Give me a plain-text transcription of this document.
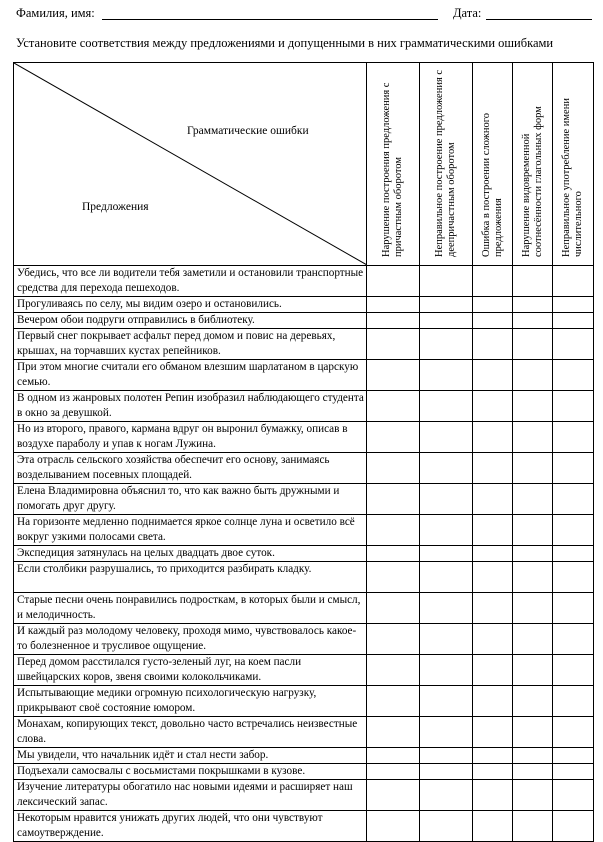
Фамилия, имя:	Дата:
Установите соответствия между предложениями и допущенными в них грамматическими ошибками
Грамматические ошибки
Предложения	Нарушение построения предложения с причастным оборотом	Неправильное построение предложения с деепричастным оборотом	Ошибка в построении сложного предложения	Нарушение видовременной соотнесённости глагольных форм	Неправильное употребление имени числительного

Убедись, что все ли водители тебя заметили и остановили транспортные средства для перехода пешеходов.					
Прогуливаясь по селу, мы видим озеро и остановились.					
Вечером обои подруги отправились в библиотеку.					
Первый снег покрывает асфальт перед домом и повис на деревьях, крышах, на торчавших кустах репейников.					
При этом многие считали его обманом влезшим шарлатаном в царскую семью.					
В одном из жанровых полотен Репин изобразил наблюдающего студента в окно за девушкой.					
Но из второго, правого, кармана вдруг он выронил бумажку, описав в воздухе параболу и упав к ногам Лужина.					
Эта отрасль сельского хозяйства обеспечит его основу, занимаясь возделыванием посевных площадей.					
Елена Владимировна объяснил то, что как важно быть дружными и помогать друг другу.					
На горизонте медленно поднимается яркое солнце луна и осветило всё вокруг узкими полосами света.					
Экспедиция затянулась на целых двадцать двое суток.					
Если столбики разрушались, то приходится разбирать кладку.					
Старые песни очень понравились подросткам, в которых были и смысл, и мелодичность.					
И каждый раз молодому человеку, проходя мимо, чувствовалось какое-то болезненное и трусливое ощущение.					
Перед домом расстилался густо-зеленый луг, на коем пасли швейцарских коров, звеня своими колокольчиками.					
Испытывающие медики огромную психологическую нагрузку, прикрывают своё состояние юмором.					
Монахам, копирующих текст, довольно часто встречались неизвестные слова.					
Мы увидели, что начальник идёт и стал нести забор.					
Подъехали самосвалы с восьмистами покрышками в кузове.					
Изучение литературы обогатило нас новыми идеями и расширяет наш лексический запас.					
Некоторым нравится унижать других людей, что они чувствуют самоутверждение.					
